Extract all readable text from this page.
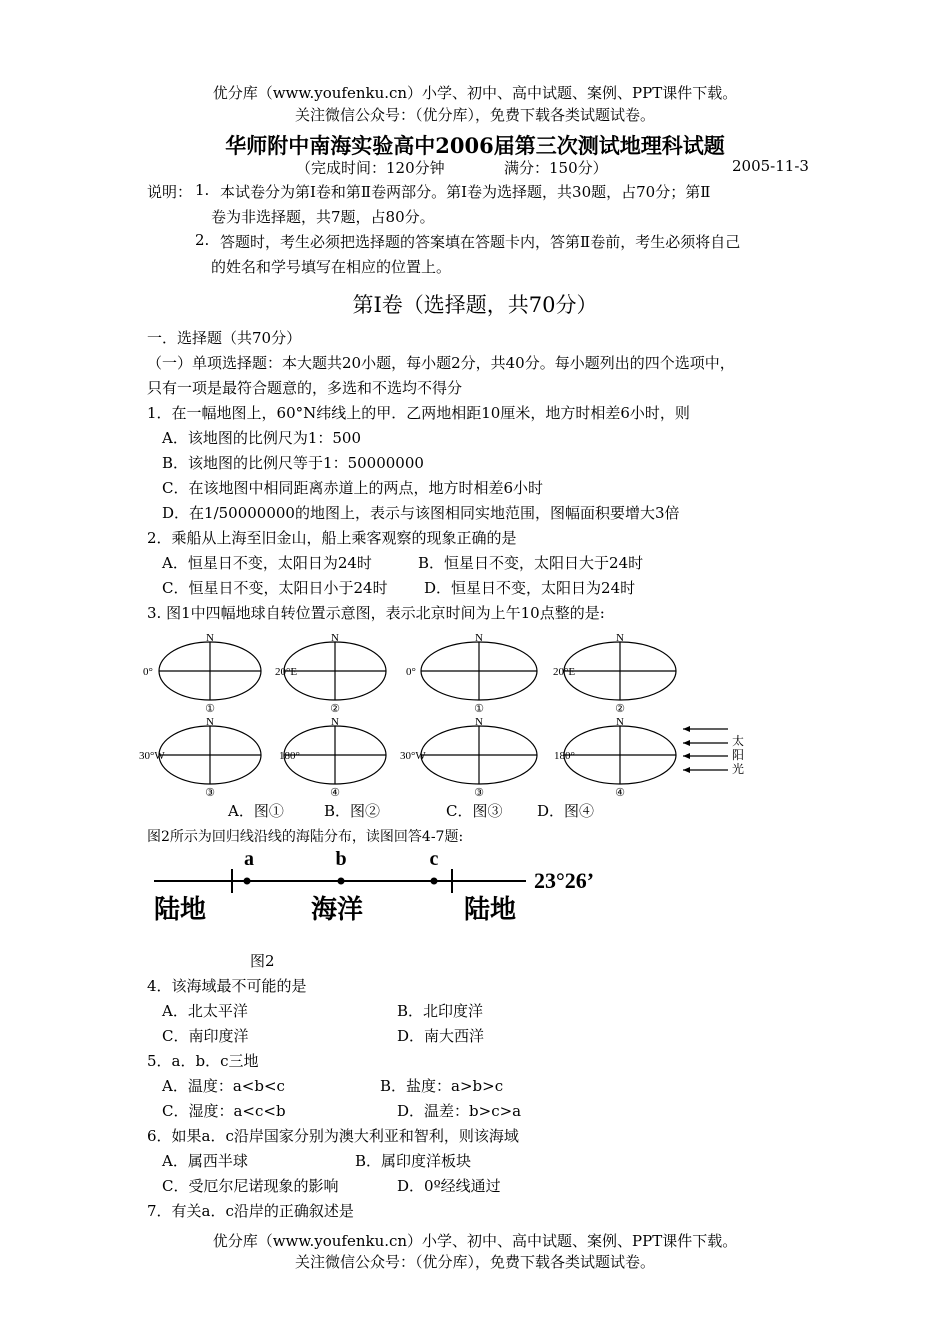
优分库（www.youfenku.cn）小学、初中、高中试题、案例、PPT课件下载。
关注微信公众号：（优分库），免费下载各类试题试卷。
华师附中南海实验高中2006届第三次测试地理科试题
（完成时间：120分钟	满分：150分）	2005-11-3
说明： 1. 本试卷分为第Ⅰ卷和第Ⅱ卷两部分。第Ⅰ卷为选择题，共30题，占70分；第Ⅱ
卷为非选择题，共7题，占80分。
2. 答题时，考生必须把选择题的答案填在答题卡内，答第Ⅱ卷前，考生必须将自己
的姓名和学号填写在相应的位置上。
第Ⅰ卷（选择题，共70分）
一．选择题（共70分）
（一）单项选择题：本大题共20小题，每小题2分，共40分。每小题列出的四个选项中，
只有一项是最符合题意的，多选和不选均不得分
1．在一幅地图上，60°N纬线上的甲．乙两地相距10厘米，地方时相差6小时，则
A．该地图的比例尺为1：500
B．该地图的比例尺等于1：50000000
C．在该地图中相同距离赤道上的两点，地方时相差6小时
D．在1/50000000的地图上，表示与该图相同实地范围，图幅面积要增大3倍
2．乘船从上海至旧金山，船上乘客观察的现象正确的是
A．恒星日不变，太阳日为24时	B．恒星日不变，太阳日大于24时
C．恒星日不变，太阳日小于24时 D．恒星日不变，太阳日为24时
3. 图1中四幅地球自转位置示意图，表示北京时间为上午10点整的是:
N	N	N	N
N	N	N	N
0°	20°E	0°	20°E
30°W	180°	30°W	180°
①	②	①	②
③	④	③	④
太
阳
光
A．图①	B．图②	C．图③ D．图④
图2所示为回归线沿线的海陆分布，读图回答4-7题:
a	b	c
23°26’
陆地	海洋	陆地
图2
4．该海域最不可能的是
A．北太平洋	B．北印度洋
C．南印度洋	D．南大西洋
5．a．b．c三地
A．温度：a<b<c	B．盐度：a>b>c
C．湿度：a<c<b	D．温差：b>c>a
6．如果a．c沿岸国家分别为澳大利亚和智利，则该海域
A．属西半球	B．属印度洋板块
C．受厄尔尼诺现象的影响	D．0º经线通过
7．有关a．c沿岸的正确叙述是
优分库（www.youfenku.cn）小学、初中、高中试题、案例、PPT课件下载。
关注微信公众号：（优分库），免费下载各类试题试卷。
